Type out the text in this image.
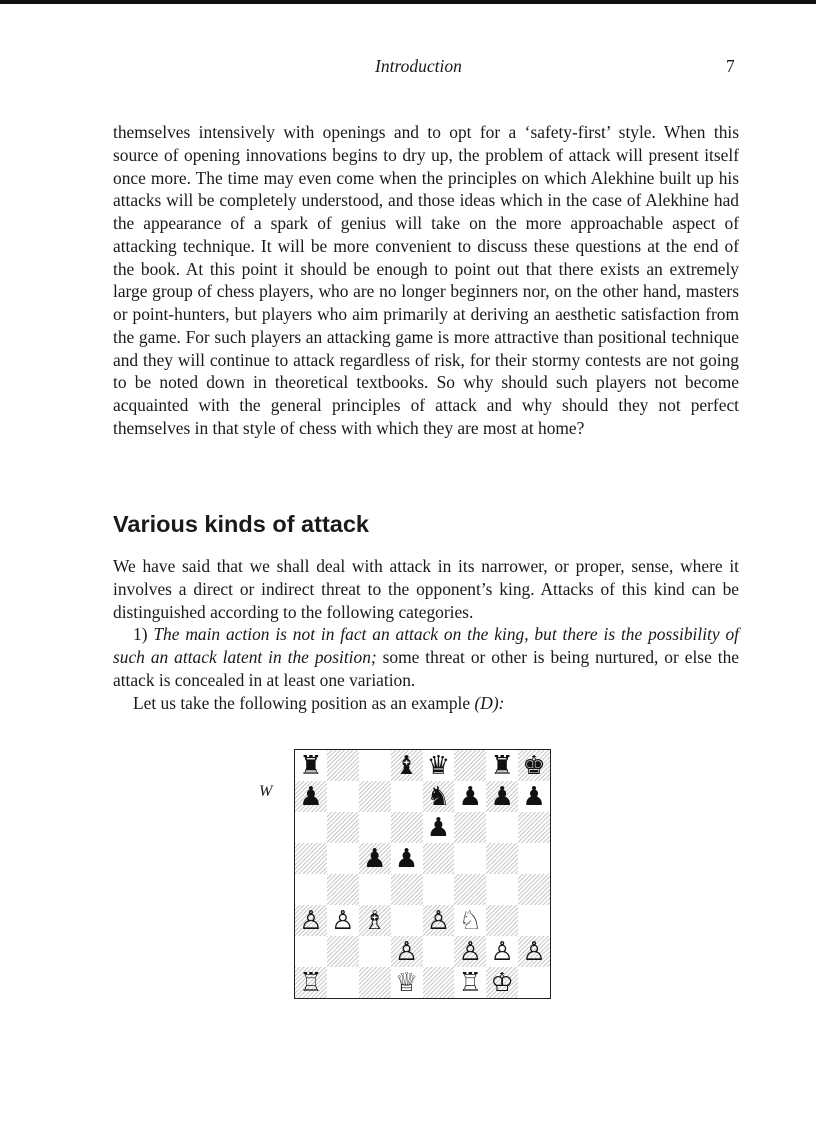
Introduction	7

themselves intensively with openings and to opt for a ‘safety-first’ style. When this source of opening innovations begins to dry up, the problem of attack will present itself once more. The time may even come when the principles on which Alekhine built up his attacks will be completely understood, and those ideas which in the case of Alekhine had the appearance of a spark of genius will take on the more approachable aspect of attacking technique. It will be more convenient to discuss these questions at the end of the book. At this point it should be enough to point out that there exists an extremely large group of chess players, who are no longer beginners nor, on the other hand, masters or point-hunters, but players who aim primarily at deriving an aesthetic satisfaction from the game. For such players an attacking game is more attractive than positional technique and they will continue to attack regardless of risk, for their stormy contests are not going to be noted down in theoretical textbooks. So why should such players not become acquainted with the general principles of attack and why should they not perfect themselves in that style of chess with which they are most at home?

Various kinds of attack

We have said that we shall deal with attack in its narrower, or proper, sense, where it involves a direct or indirect threat to the opponent’s king. Attacks of this kind can be distinguished according to the following categories.

1) The main action is not in fact an attack on the king, but there is the possibility of such an attack latent in the position; some threat or other is being nurtured, or else the attack is concealed in at least one variation.

Let us take the following position as an example (D):

W
♜	♝ ♛ ♜ ♚
♟	♞ ♟ ♟ ♟
♟
♟ ♟
♙ ♙ ♗ ♙ ♘
♙ ♙ ♙ ♙
♖	♕ ♖ ♔
